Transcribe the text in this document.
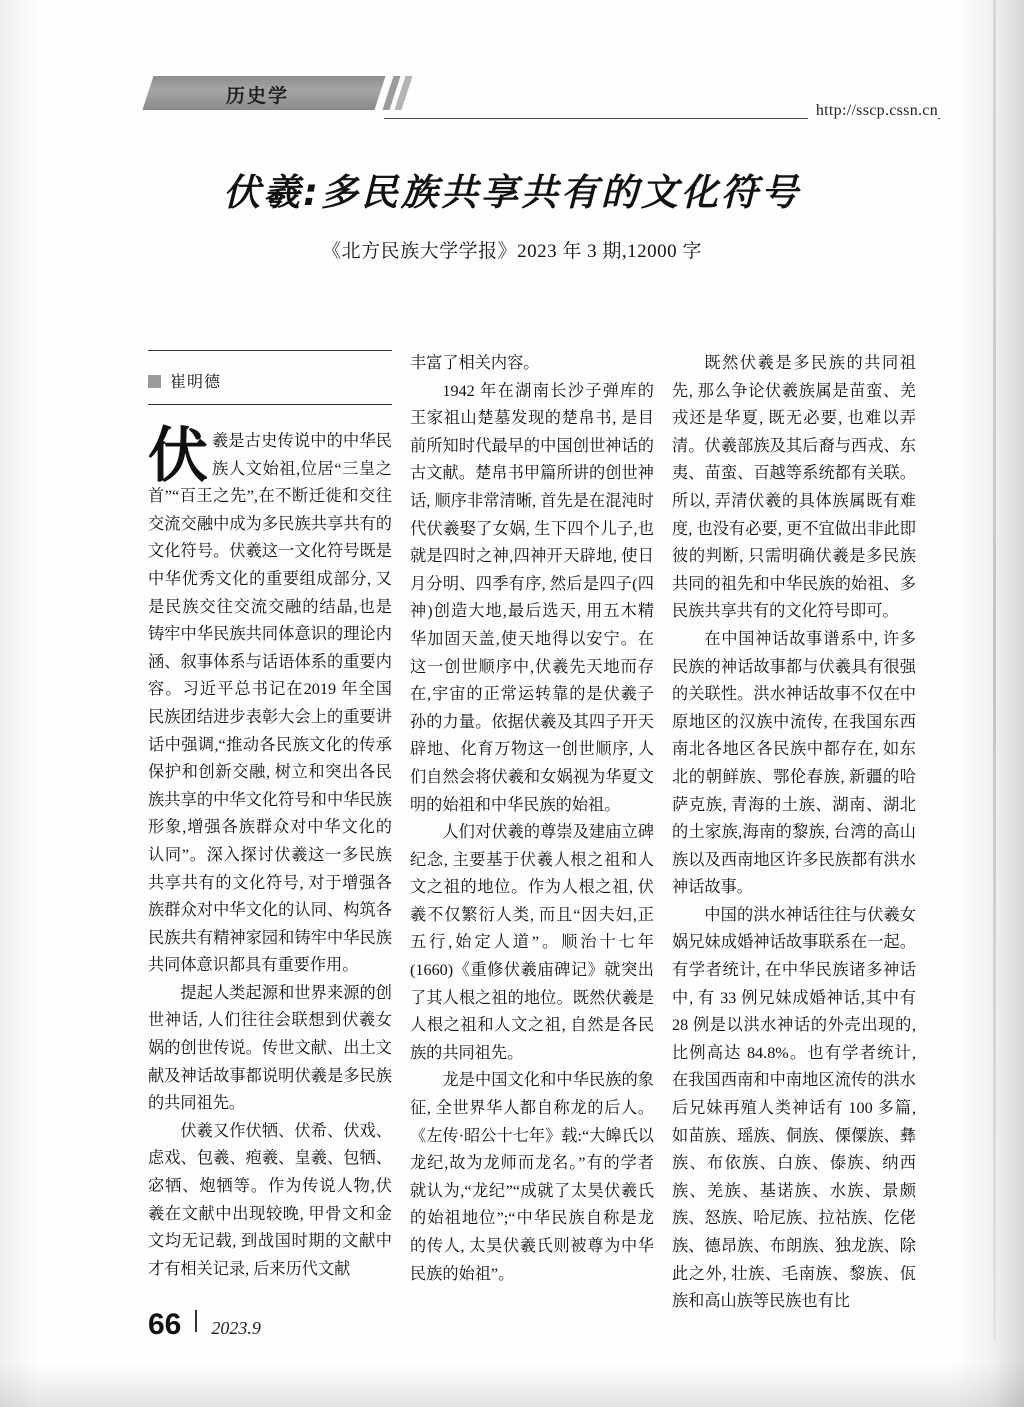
历史学
http://sscp.cssn.cn
伏羲:多民族共享共有的文化符号
《北方民族大学学报》2023 年 3 期,12000 字
崔明德

伏羲是古史传说中的中华民族人文始祖,位居“三皇之首”“百王之先”,在不断迁徙和交往交流交融中成为多民族共享共有的文化符号。伏羲这一文化符号既是中华优秀文化的重要组成部分, 又是民族交往交流交融的结晶,也是铸牢中华民族共同体意识的理论内涵、叙事体系与话语体系的重要内容。习近平总书记在2019 年全国民族团结进步表彰大会上的重要讲话中强调,“推动各民族文化的传承保护和创新交融, 树立和突出各民族共享的中华文化符号和中华民族形象,增强各族群众对中华文化的认同”。深入探讨伏羲这一多民族共享共有的文化符号, 对于增强各族群众对中华文化的认同、构筑各民族共有精神家园和铸牢中华民族共同体意识都具有重要作用。

提起人类起源和世界来源的创世神话, 人们往往会联想到伏羲女娲的创世传说。传世文献、出土文献及神话故事都说明伏羲是多民族的共同祖先。

伏羲又作伏牺、伏希、伏戏、虑戏、包羲、疱羲、皇羲、包牺、宓牺、炮牺等。作为传说人物,伏羲在文献中出现较晚, 甲骨文和金文均无记载, 到战国时期的文献中才有相关记录, 后来历代文献

丰富了相关内容。

1942 年在湖南长沙子弹库的王家祖山楚墓发现的楚帛书, 是目前所知时代最早的中国创世神话的古文献。楚帛书甲篇所讲的创世神话, 顺序非常清晰, 首先是在混沌时代伏羲娶了女娲, 生下四个儿子,也就是四时之神,四神开天辟地, 使日月分明、四季有序, 然后是四子(四神)创造大地,最后选天, 用五木精华加固天盖,使天地得以安宁。在这一创世顺序中,伏羲先天地而存在,宇宙的正常运转靠的是伏羲子孙的力量。依据伏羲及其四子开天辟地、化育万物这一创世顺序, 人们自然会将伏羲和女娲视为华夏文明的始祖和中华民族的始祖。

人们对伏羲的尊崇及建庙立碑纪念, 主要基于伏羲人根之祖和人文之祖的地位。作为人根之祖, 伏羲不仅繁衍人类, 而且“因夫妇,正五行,始定人道”。顺治十七年(1660)《重修伏羲庙碑记》就突出了其人根之祖的地位。既然伏羲是人根之祖和人文之祖, 自然是各民族的共同祖先。

龙是中国文化和中华民族的象征, 全世界华人都自称龙的后人。《左传·昭公十七年》载:“大皞氏以龙纪,故为龙师而龙名。”有的学者就认为,“龙纪”“成就了太昊伏羲氏的始祖地位”;“中华民族自称是龙的传人, 太昊伏羲氏则被尊为中华民族的始祖”。

既然伏羲是多民族的共同祖先, 那么争论伏羲族属是苗蛮、羌戎还是华夏, 既无必要, 也难以弄清。伏羲部族及其后裔与西戎、东夷、苗蛮、百越等系统都有关联。所以, 弄清伏羲的具体族属既有难度, 也没有必要, 更不宜做出非此即彼的判断, 只需明确伏羲是多民族共同的祖先和中华民族的始祖、多民族共享共有的文化符号即可。

在中国神话故事谱系中, 许多民族的神话故事都与伏羲具有很强的关联性。洪水神话故事不仅在中原地区的汉族中流传, 在我国东西南北各地区各民族中都存在, 如东北的朝鲜族、鄂伦春族, 新疆的哈萨克族, 青海的土族、湖南、湖北的土家族,海南的黎族, 台湾的高山族以及西南地区许多民族都有洪水神话故事。

中国的洪水神话往往与伏羲女娲兄妹成婚神话故事联系在一起。有学者统计, 在中华民族诸多神话中, 有 33 例兄妹成婚神话,其中有 28 例是以洪水神话的外壳出现的,比例高达 84.8%。也有学者统计, 在我国西南和中南地区流传的洪水后兄妹再殖人类神话有 100 多篇,如苗族、瑶族、侗族、傈僳族、彝族、布依族、白族、傣族、纳西族、羌族、基诺族、水族、景颇族、怒族、哈尼族、拉祜族、仡佬族、德昂族、布朗族、独龙族、除此之外, 壮族、毛南族、黎族、佤族和高山族等民族也有比

66 2023.9
